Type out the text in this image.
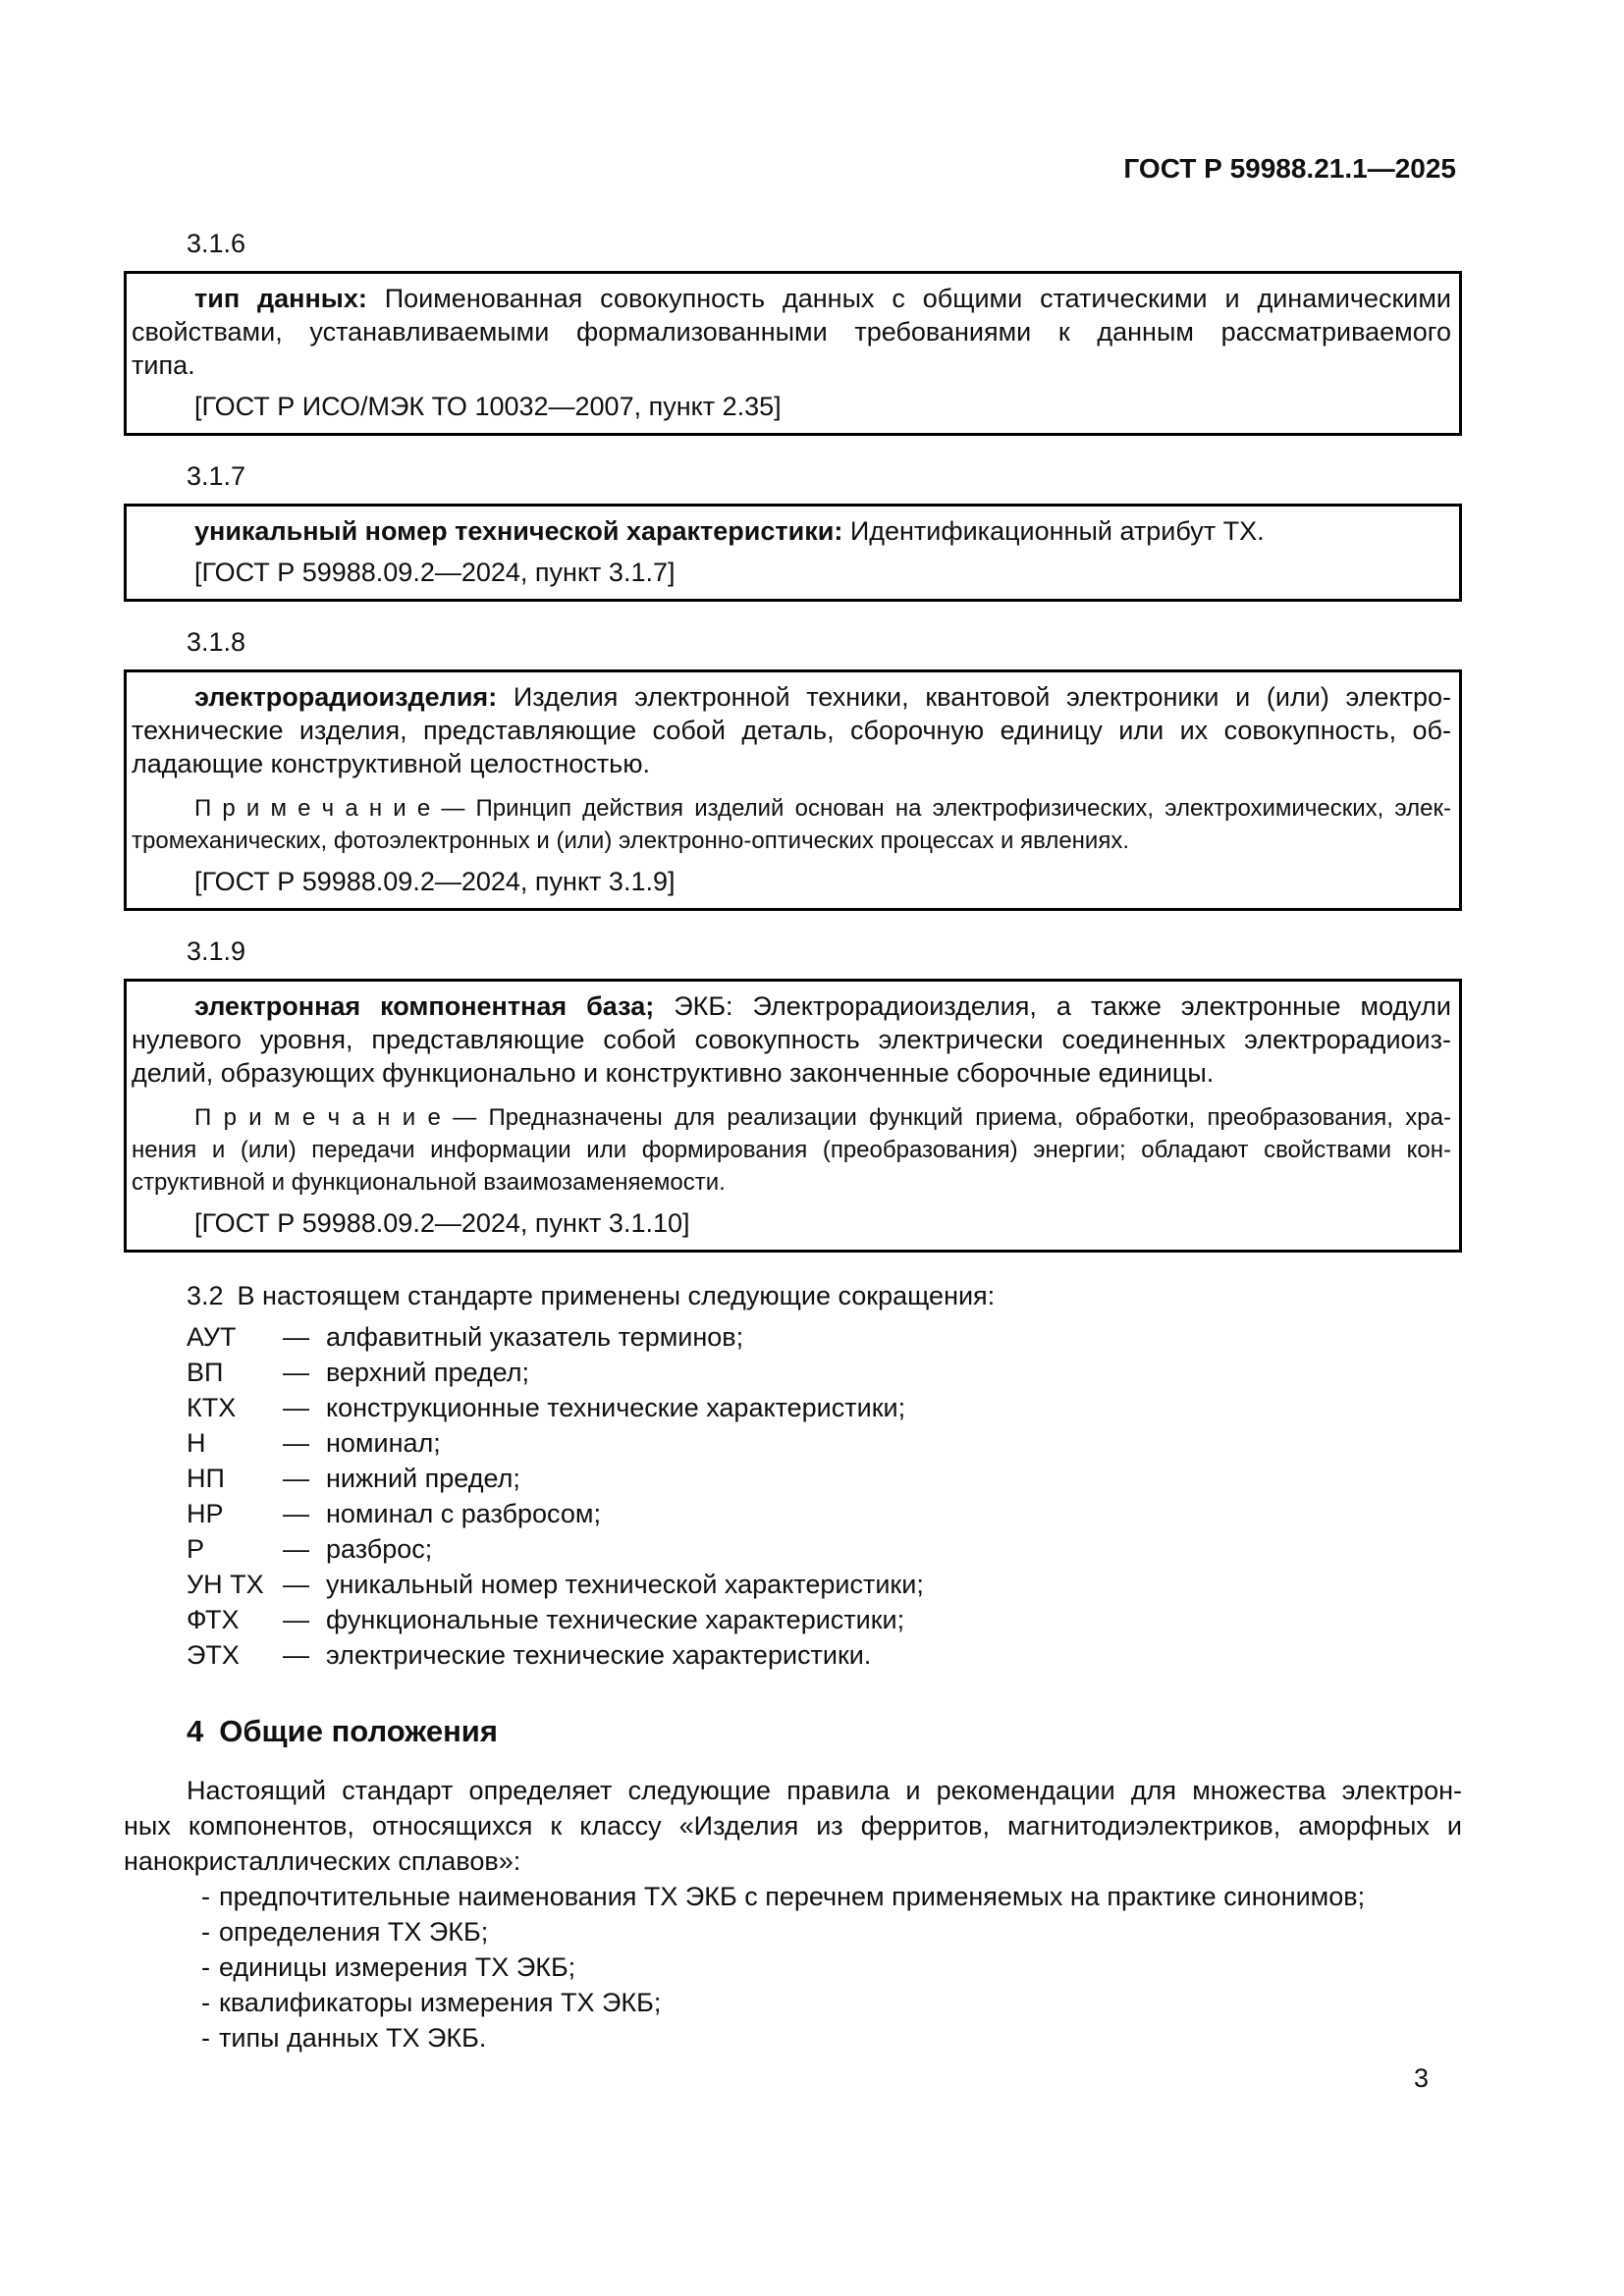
ГОСТ Р 59988.21.1—2025
3.1.6
тип данных: Поименованная совокупность данных с общими статическими и динамическими
свойствами, устанавливаемыми формализованными требованиями к данным рассматриваемого
типа.
[ГОСТ Р ИСО/МЭК ТО 10032—2007, пункт 2.35]
3.1.7
уникальный номер технической характеристики: Идентификационный атрибут ТХ.
[ГОСТ Р 59988.09.2—2024, пункт 3.1.7]
3.1.8
электрорадиоизделия: Изделия электронной техники, квантовой электроники и (или) электро-
технические изделия, представляющие собой деталь, сборочную единицу или их совокупность, об-
ладающие конструктивной целостностью.
П р и м е ч а н и е — Принцип действия изделий основан на электрофизических, электрохимических, элек-
тромеханических, фотоэлектронных и (или) электронно-оптических процессах и явлениях.
[ГОСТ Р 59988.09.2—2024, пункт 3.1.9]
3.1.9
электронная компонентная база; ЭКБ: Электрорадиоизделия, а также электронные модули
нулевого уровня, представляющие собой совокупность электрически соединенных электрорадиоиз-
делий, образующих функционально и конструктивно законченные сборочные единицы.
П р и м е ч а н и е — Предназначены для реализации функций приема, обработки, преобразования, хра-
нения и (или) передачи информации или формирования (преобразования) энергии; обладают свойствами кон-
структивной и функциональной взаимозаменяемости.
[ГОСТ Р 59988.09.2—2024, пункт 3.1.10]
3.2 В настоящем стандарте применены следующие сокращения:
АУТ	— алфавитный указатель терминов;
ВП	— верхний предел;
КТХ	— конструкционные технические характеристики;
Н	— номинал;
НП	— нижний предел;
НР	— номинал с разбросом;
Р	— разброс;
УН ТХ — уникальный номер технической характеристики;
ФТХ	— функциональные технические характеристики;
ЭТХ	— электрические технические характеристики.
4 Общие положения
Настоящий стандарт определяет следующие правила и рекомендации для множества электрон-
ных компонентов, относящихся к классу «Изделия из ферритов, магнитодиэлектриков, аморфных и
нанокристаллических сплавов»:
- предпочтительные наименования ТХ ЭКБ с перечнем применяемых на практике синонимов;
- определения ТХ ЭКБ;
- единицы измерения ТХ ЭКБ;
- квалификаторы измерения ТХ ЭКБ;
- типы данных ТХ ЭКБ.
3
